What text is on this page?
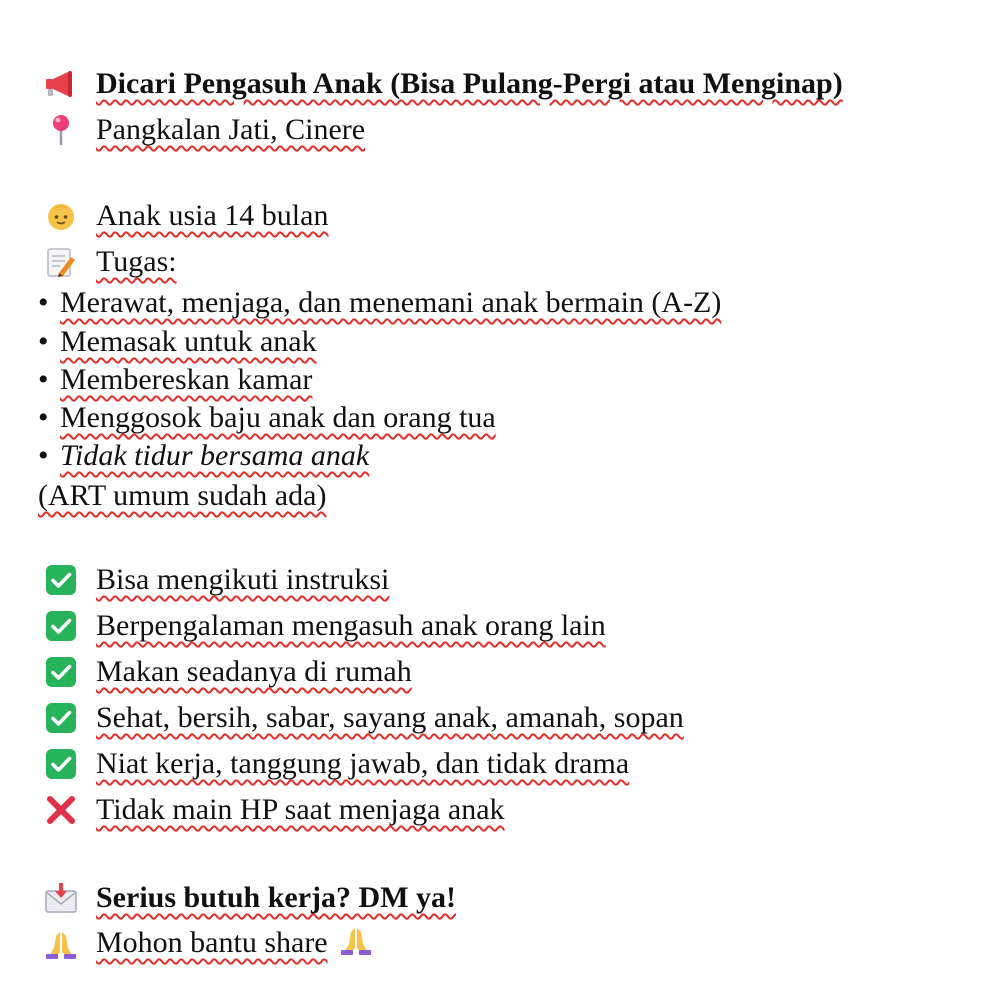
Dicari Pengasuh Anak (Bisa Pulang-Pergi atau Menginap)
Pangkalan Jati, Cinere
Anak usia 14 bulan
Tugas:
• Merawat, menjaga, dan menemani anak bermain (A-Z)
• Memasak untuk anak
• Membereskan kamar
• Menggosok baju anak dan orang tua
• Tidak tidur bersama anak
(ART umum sudah ada)
Bisa mengikuti instruksi
Berpengalaman mengasuh anak orang lain
Makan seadanya di rumah
Sehat, bersih, sabar, sayang anak, amanah, sopan
Niat kerja, tanggung jawab, dan tidak drama
Tidak main HP saat menjaga anak
Serius butuh kerja? DM ya!
Mohon bantu share
